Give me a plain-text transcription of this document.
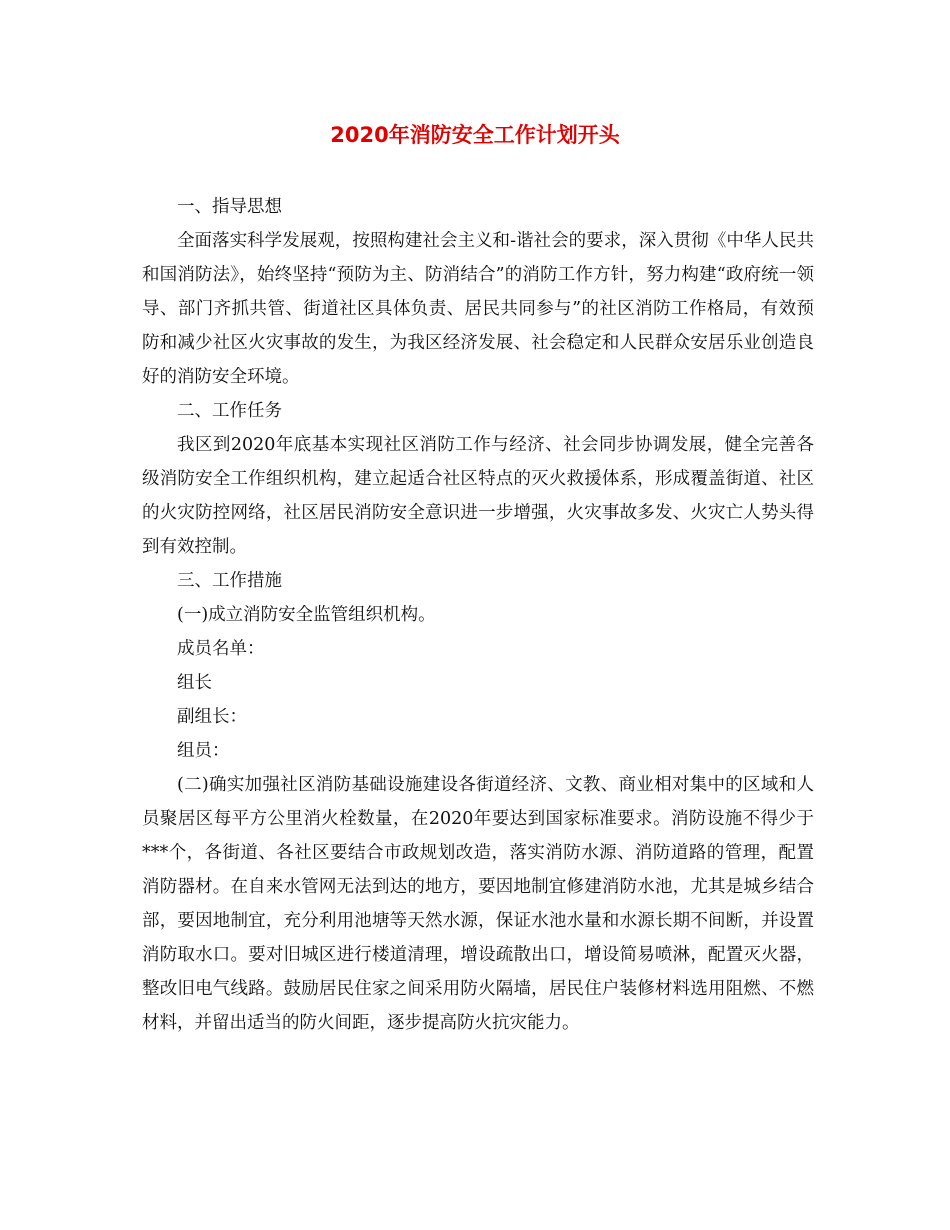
2020年消防安全工作计划开头

一、指导思想

全面落实科学发展观，按照构建社会主义和-谐社会的要求，深入贯彻《中华人民共和国消防法》，始终坚持“预防为主、防消结合”的消防工作方针，努力构建“政府统一领导、部门齐抓共管、街道社区具体负责、居民共同参与”的社区消防工作格局，有效预防和减少社区火灾事故的发生，为我区经济发展、社会稳定和人民群众安居乐业创造良好的消防安全环境。

二、工作任务

我区到2020年底基本实现社区消防工作与经济、社会同步协调发展，健全完善各级消防安全工作组织机构，建立起适合社区特点的灭火救援体系，形成覆盖街道、社区的火灾防控网络，社区居民消防安全意识进一步增强，火灾事故多发、火灾亡人势头得到有效控制。

三、工作措施

(一)成立消防安全监管组织机构。

成员名单：

组长

副组长：

组员：

(二)确实加强社区消防基础设施建设各街道经济、文教、商业相对集中的区域和人员聚居区每平方公里消火栓数量，在2020年要达到国家标准要求。消防设施不得少于***个，各街道、各社区要结合市政规划改造，落实消防水源、消防道路的管理，配置消防器材。在自来水管网无法到达的地方，要因地制宜修建消防水池，尤其是城乡结合部，要因地制宜，充分利用池塘等天然水源，保证水池水量和水源长期不间断，并设置消防取水口。要对旧城区进行楼道清理，增设疏散出口，增设简易喷淋，配置灭火器，整改旧电气线路。鼓励居民住家之间采用防火隔墙，居民住户装修材料选用阻燃、不燃材料，并留出适当的防火间距，逐步提高防火抗灾能力。
